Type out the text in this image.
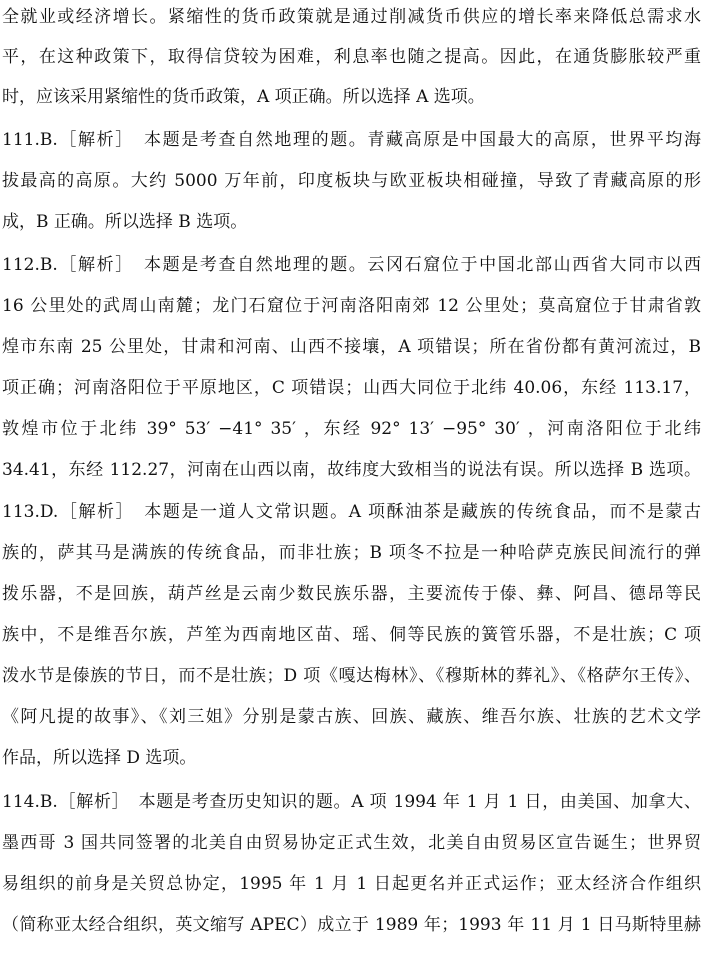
全就业或经济增长。紧缩性的货币政策就是通过削减货币供应的增长率来降低总需求水
平，在这种政策下，取得信贷较为困难，利息率也随之提高。因此，在通货膨胀较严重
时，应该采用紧缩性的货币政策，A 项正确。所以选择 A 选项。
111.B.［解析］　本题是考查自然地理的题。青藏高原是中国最大的高原，世界平均海
拔最高的高原。大约 5000 万年前，印度板块与欧亚板块相碰撞，导致了青藏高原的形
成，B 正确。所以选择 B 选项。
112.B.［解析］　本题是考查自然地理的题。云冈石窟位于中国北部山西省大同市以西
16 公里处的武周山南麓；龙门石窟位于河南洛阳南郊 12 公里处；莫高窟位于甘肃省敦
煌市东南 25 公里处，甘肃和河南、山西不接壤，A 项错误；所在省份都有黄河流过，B
项正确；河南洛阳位于平原地区，C 项错误；山西大同位于北纬 40.06，东经 113.17，
敦煌市位于北纬 39° 53′ −41° 35′ ，东经 92° 13′ −95° 30′ ，河南洛阳位于北纬
34.41，东经 112.27，河南在山西以南，故纬度大致相当的说法有误。所以选择 B 选项。
113.D.［解析］　本题是一道人文常识题。A 项酥油茶是藏族的传统食品，而不是蒙古
族的，萨其马是满族的传统食品，而非壮族；B 项冬不拉是一种哈萨克族民间流行的弹
拨乐器，不是回族，葫芦丝是云南少数民族乐器，主要流传于傣、彝、阿昌、德昂等民
族中，不是维吾尔族，芦笙为西南地区苗、瑶、侗等民族的簧管乐器，不是壮族；C 项
泼水节是傣族的节日，而不是壮族；D 项《嘎达梅林》、《穆斯林的葬礼》、《格萨尔王传》、
《阿凡提的故事》、《刘三姐》分别是蒙古族、回族、藏族、维吾尔族、壮族的艺术文学
作品，所以选择 D 选项。
114.B.［解析］　本题是考查历史知识的题。A 项 1994 年 1 月 1 日，由美国、加拿大、
墨西哥 3 国共同签署的北美自由贸易协定正式生效，北美自由贸易区宣告诞生；世界贸
易组织的前身是关贸总协定，1995 年 1 月 1 日起更名并正式运作；亚太经济合作组织
（简称亚太经合组织，英文缩写 APEC）成立于 1989 年；1993 年 11 月 1 日马斯特里赫
